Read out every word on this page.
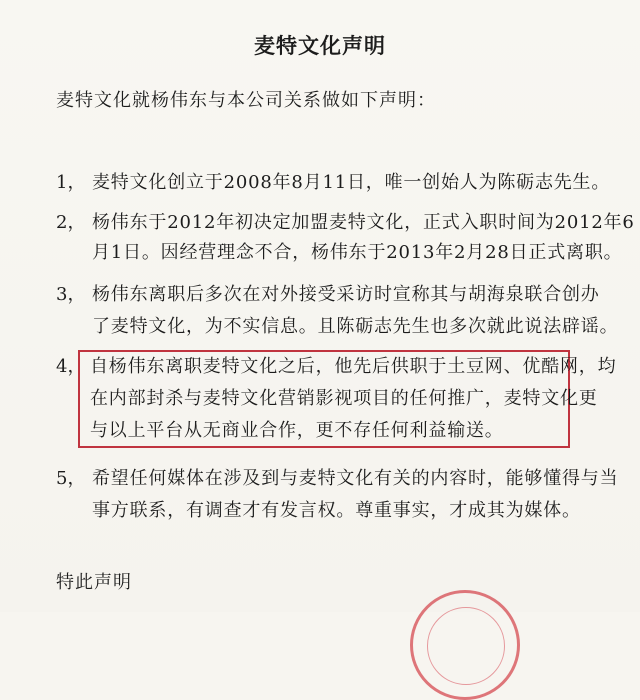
麦特文化声明
麦特文化就杨伟东与本公司关系做如下声明：
1， 麦特文化创立于2008年8月11日，唯一创始人为陈砺志先生。
2， 杨伟东于2012年初决定加盟麦特文化，正式入职时间为2012年6
月1日。因经营理念不合，杨伟东于2013年2月28日正式离职。
3， 杨伟东离职后多次在对外接受采访时宣称其与胡海泉联合创办
了麦特文化，为不实信息。且陈砺志先生也多次就此说法辟谣。
4， 自杨伟东离职麦特文化之后，他先后供职于土豆网、优酷网，均
在内部封杀与麦特文化营销影视项目的任何推广，麦特文化更
与以上平台从无商业合作，更不存任何利益输送。
5， 希望任何媒体在涉及到与麦特文化有关的内容时，能够懂得与当
事方联系，有调查才有发言权。尊重事实，才成其为媒体。
特此声明
